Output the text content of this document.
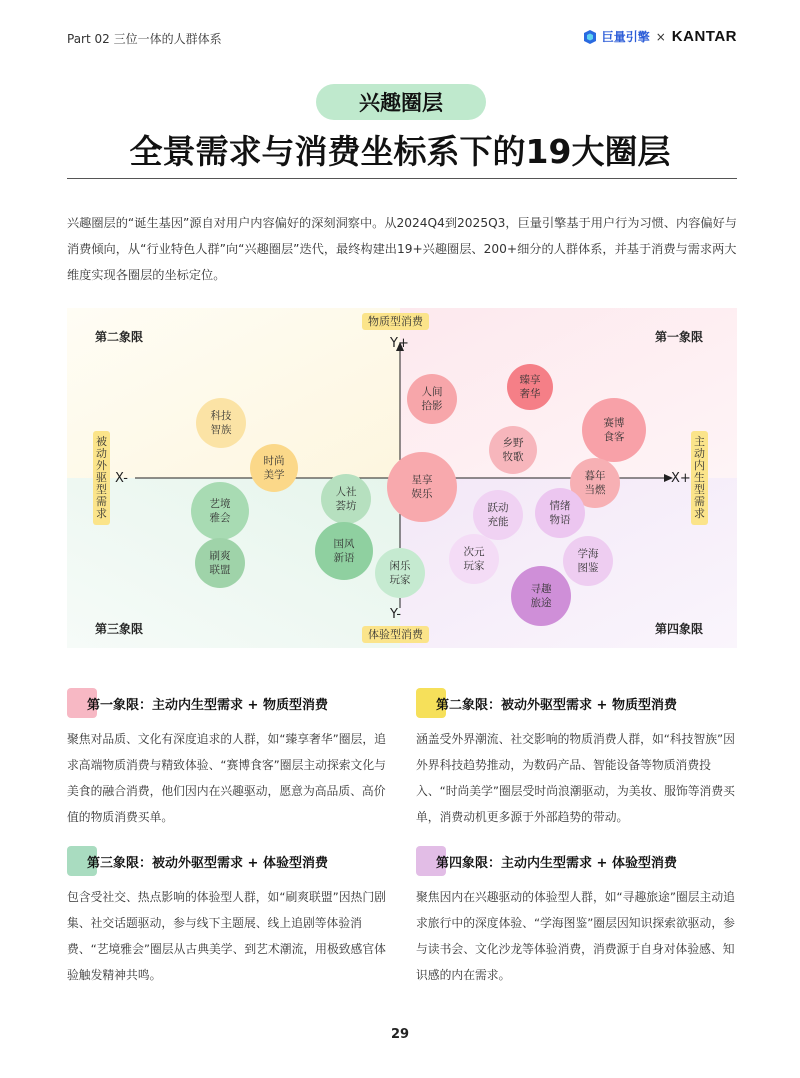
Part 02 三位一体的人群体系	巨量引擎 × KANTAR
兴趣圈层
全景需求与消费坐标系下的19大圈层
兴趣圈层的“诞生基因”源自对用户内容偏好的深刻洞察中。从2024Q4到2025Q3，巨量引擎基于用户行为习惯、内容偏好与消费倾向，从“行业特色人群”向“兴趣圈层”迭代，最终构建出19+兴趣圈层、200+细分的人群体系，并基于消费与需求两大维度实现各圈层的坐标定位。
第二象限	第一象限
第三象限	第四象限
物质型消费
体验型消费
被动外驱型需求
主动内生型需求
Y+
Y-
X-	X+
科技智族
时尚美学
艺境雅会
刷爽联盟
人社荟坊
国风新语
闲乐玩家
星享娱乐
人间拾影
臻享奢华
乡野牧歌
赛博食客
暮年当燃
跃动充能
情绪物语
次元玩家
学海图鉴
寻趣旅途
第一象限：主动内生型需求 + 物质型消费
聚焦对品质、文化有深度追求的人群，如“臻享奢华”圈层，追求高端物质消费与精致体验、“赛博食客”圈层主动探索文化与美食的融合消费，他们因内在兴趣驱动，愿意为高品质、高价值的物质消费买单。
第二象限：被动外驱型需求 + 物质型消费
涵盖受外界潮流、社交影响的物质消费人群，如“科技智族”因外界科技趋势推动，为数码产品、智能设备等物质消费投入、“时尚美学”圈层受时尚浪潮驱动，为美妆、服饰等消费买单，消费动机更多源于外部趋势的带动。
第三象限：被动外驱型需求 + 体验型消费
包含受社交、热点影响的体验型人群，如“刷爽联盟”因热门剧集、社交话题驱动，参与线下主题展、线上追剧等体验消费、“艺境雅会”圈层从古典美学、到艺术潮流，用极致感官体验触发精神共鸣。
第四象限：主动内生型需求 + 体验型消费
聚焦因内在兴趣驱动的体验型人群，如“寻趣旅途”圈层主动追求旅行中的深度体验、“学海图鉴”圈层因知识探索欲驱动，参与读书会、文化沙龙等体验消费，消费源于自身对体验感、知识感的内在需求。
29
